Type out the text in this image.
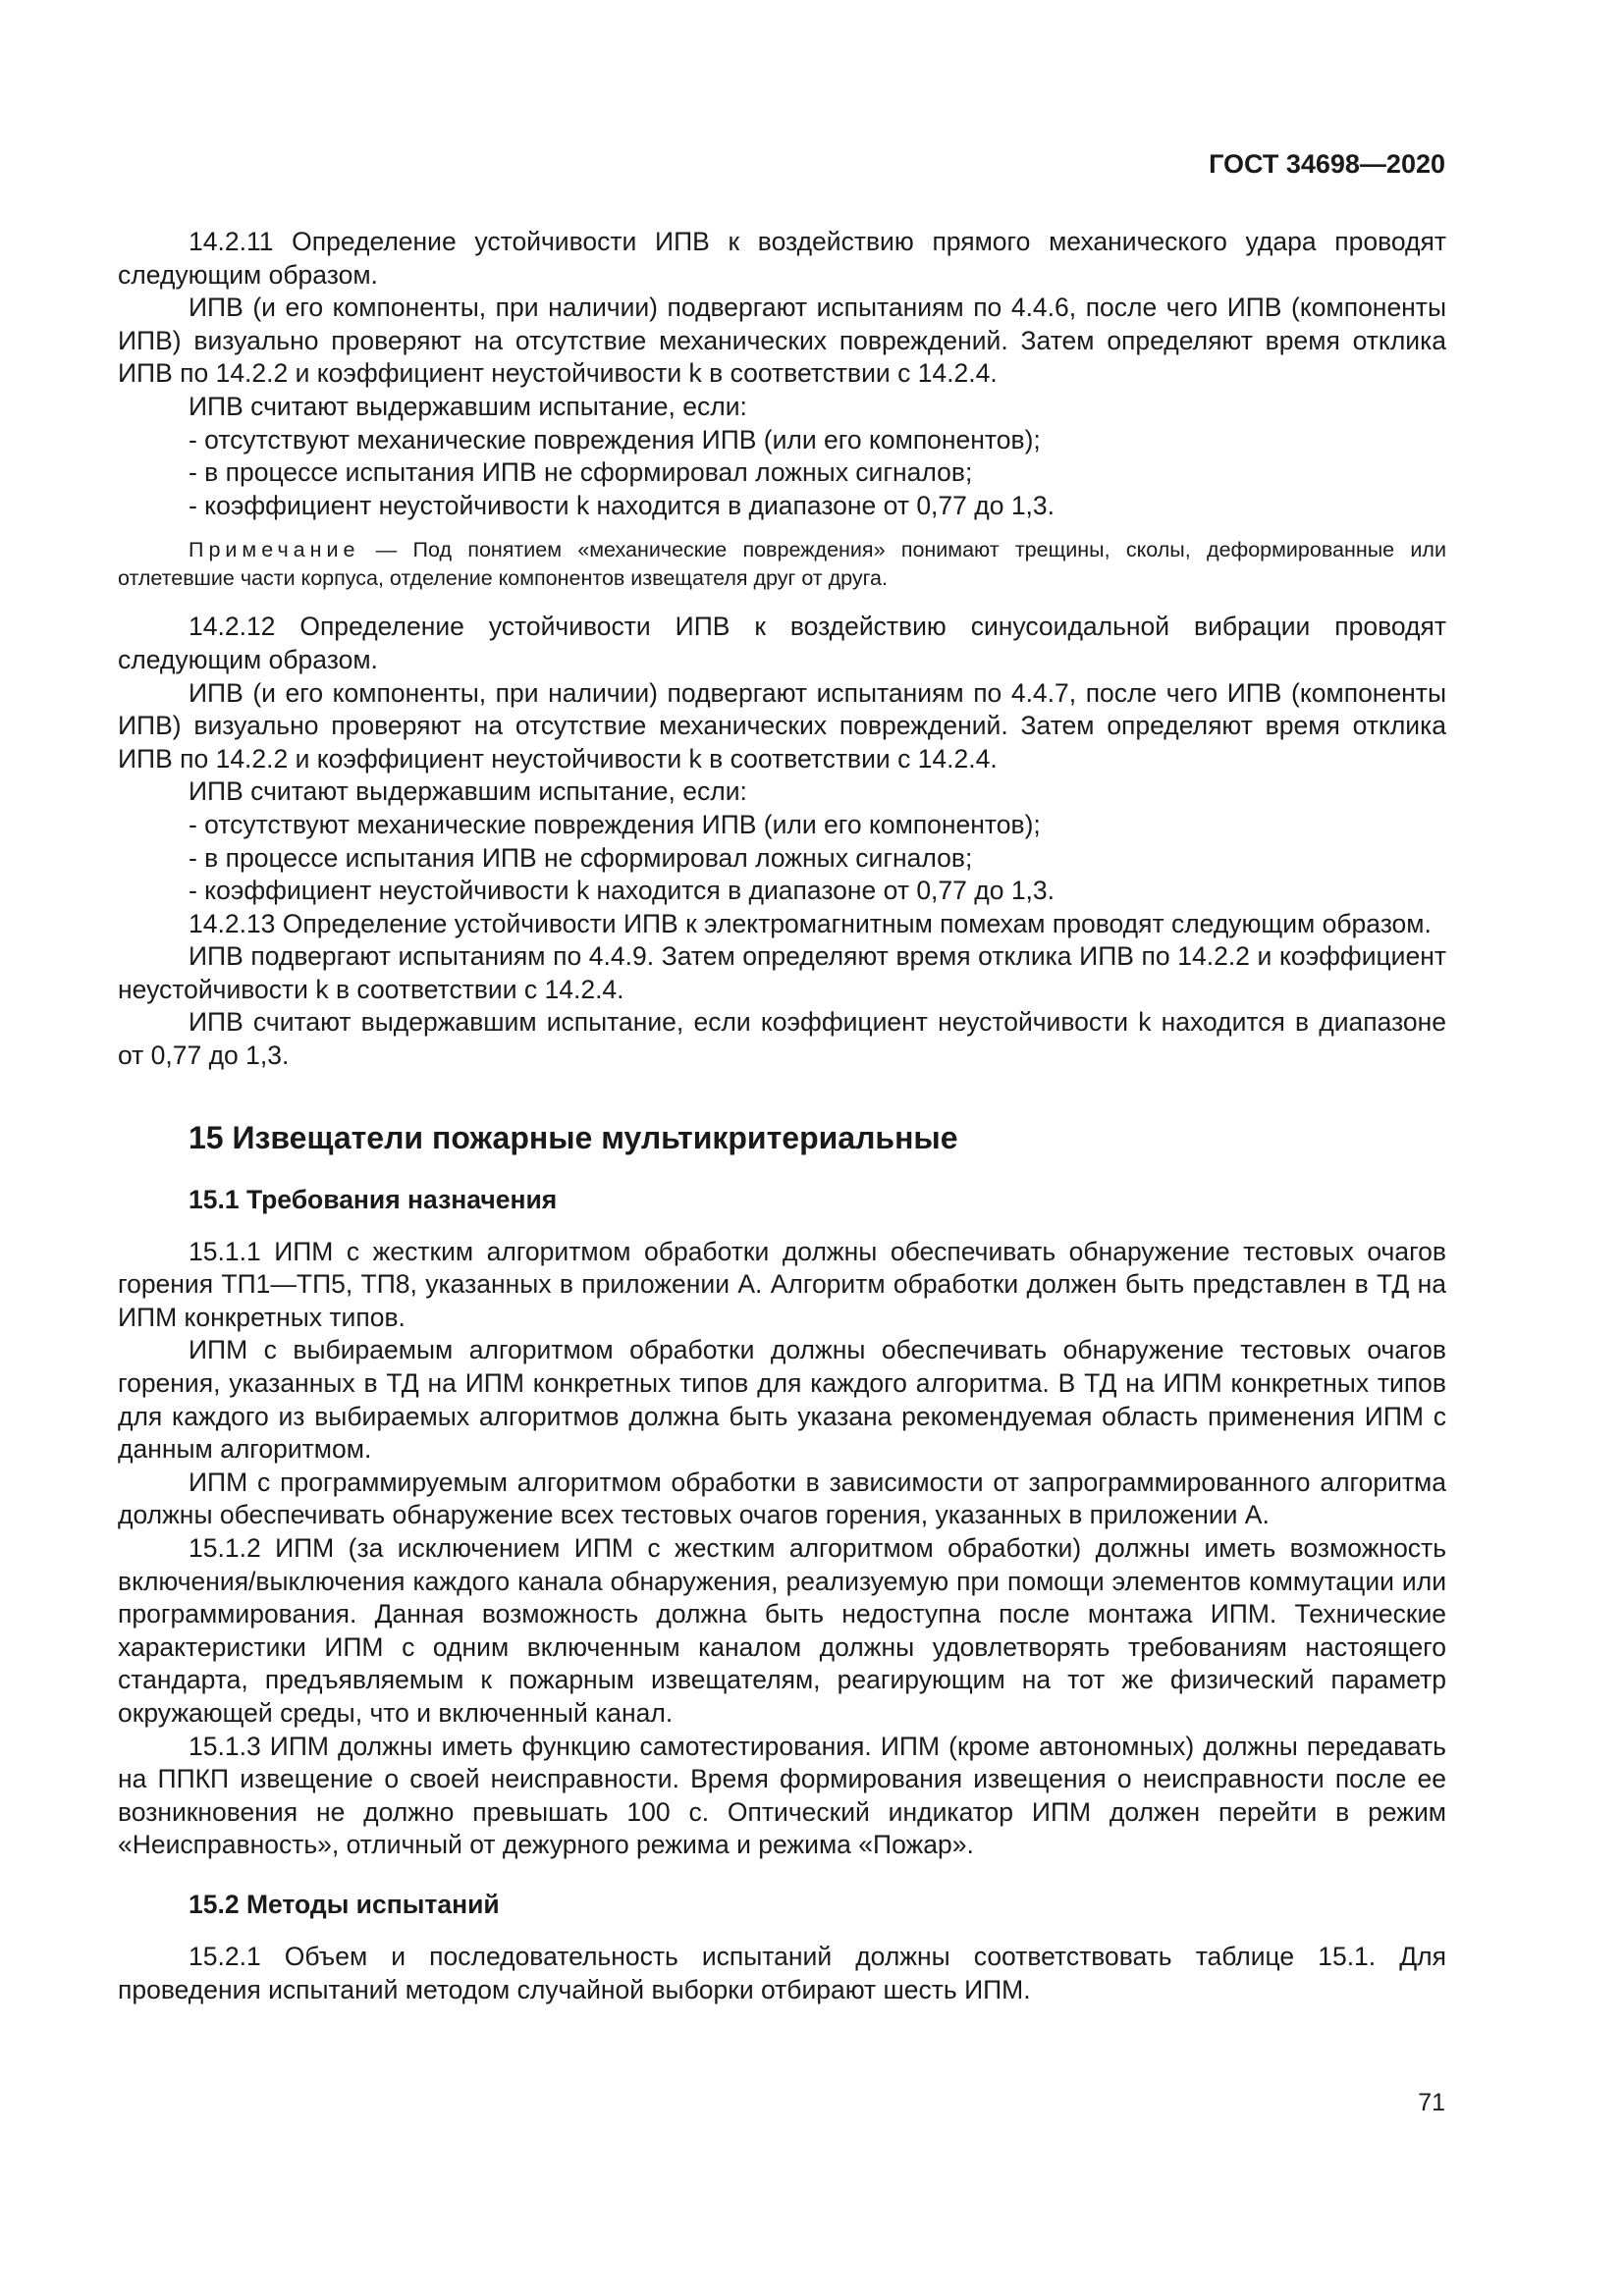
ГОСТ 34698—2020

14.2.11 Определение устойчивости ИПВ к воздействию прямого механического удара проводят следующим образом.

ИПВ (и его компоненты, при наличии) подвергают испытаниям по 4.4.6, после чего ИПВ (компоненты ИПВ) визуально проверяют на отсутствие механических повреждений. Затем определяют время отклика ИПВ по 14.2.2 и коэффициент неустойчивости k в соответствии с 14.2.4.

ИПВ считают выдержавшим испытание, если:

- отсутствуют механические повреждения ИПВ (или его компонентов);

- в процессе испытания ИПВ не сформировал ложных сигналов;

- коэффициент неустойчивости k находится в диапазоне от 0,77 до 1,3.

Примечание — Под понятием «механические повреждения» понимают трещины, сколы, деформированные или отлетевшие части корпуса, отделение компонентов извещателя друг от друга.

14.2.12 Определение устойчивости ИПВ к воздействию синусоидальной вибрации проводят следующим образом.

ИПВ (и его компоненты, при наличии) подвергают испытаниям по 4.4.7, после чего ИПВ (компоненты ИПВ) визуально проверяют на отсутствие механических повреждений. Затем определяют время отклика ИПВ по 14.2.2 и коэффициент неустойчивости k в соответствии с 14.2.4.

ИПВ считают выдержавшим испытание, если:

- отсутствуют механические повреждения ИПВ (или его компонентов);

- в процессе испытания ИПВ не сформировал ложных сигналов;

- коэффициент неустойчивости k находится в диапазоне от 0,77 до 1,3.

14.2.13 Определение устойчивости ИПВ к электромагнитным помехам проводят следующим образом.

ИПВ подвергают испытаниям по 4.4.9. Затем определяют время отклика ИПВ по 14.2.2 и коэффициент неустойчивости k в соответствии с 14.2.4.

ИПВ считают выдержавшим испытание, если коэффициент неустойчивости k находится в диапазоне от 0,77 до 1,3.

15 Извещатели пожарные мультикритериальные
15.1 Требования назначения

15.1.1 ИПМ с жестким алгоритмом обработки должны обеспечивать обнаружение тестовых очагов горения ТП1—ТП5, ТП8, указанных в приложении А. Алгоритм обработки должен быть представлен в ТД на ИПМ конкретных типов.

ИПМ с выбираемым алгоритмом обработки должны обеспечивать обнаружение тестовых очагов горения, указанных в ТД на ИПМ конкретных типов для каждого алгоритма. В ТД на ИПМ конкретных типов для каждого из выбираемых алгоритмов должна быть указана рекомендуемая область применения ИПМ с данным алгоритмом.

ИПМ с программируемым алгоритмом обработки в зависимости от запрограммированного алгоритма должны обеспечивать обнаружение всех тестовых очагов горения, указанных в приложении А.

15.1.2 ИПМ (за исключением ИПМ с жестким алгоритмом обработки) должны иметь возможность включения/выключения каждого канала обнаружения, реализуемую при помощи элементов коммутации или программирования. Данная возможность должна быть недоступна после монтажа ИПМ. Технические характеристики ИПМ с одним включенным каналом должны удовлетворять требованиям настоящего стандарта, предъявляемым к пожарным извещателям, реагирующим на тот же физический параметр окружающей среды, что и включенный канал.

15.1.3 ИПМ должны иметь функцию самотестирования. ИПМ (кроме автономных) должны передавать на ППКП извещение о своей неисправности. Время формирования извещения о неисправности после ее возникновения не должно превышать 100 с. Оптический индикатор ИПМ должен перейти в режим «Неисправность», отличный от дежурного режима и режима «Пожар».

15.2 Методы испытаний

15.2.1 Объем и последовательность испытаний должны соответствовать таблице 15.1. Для проведения испытаний методом случайной выборки отбирают шесть ИПМ.

71
